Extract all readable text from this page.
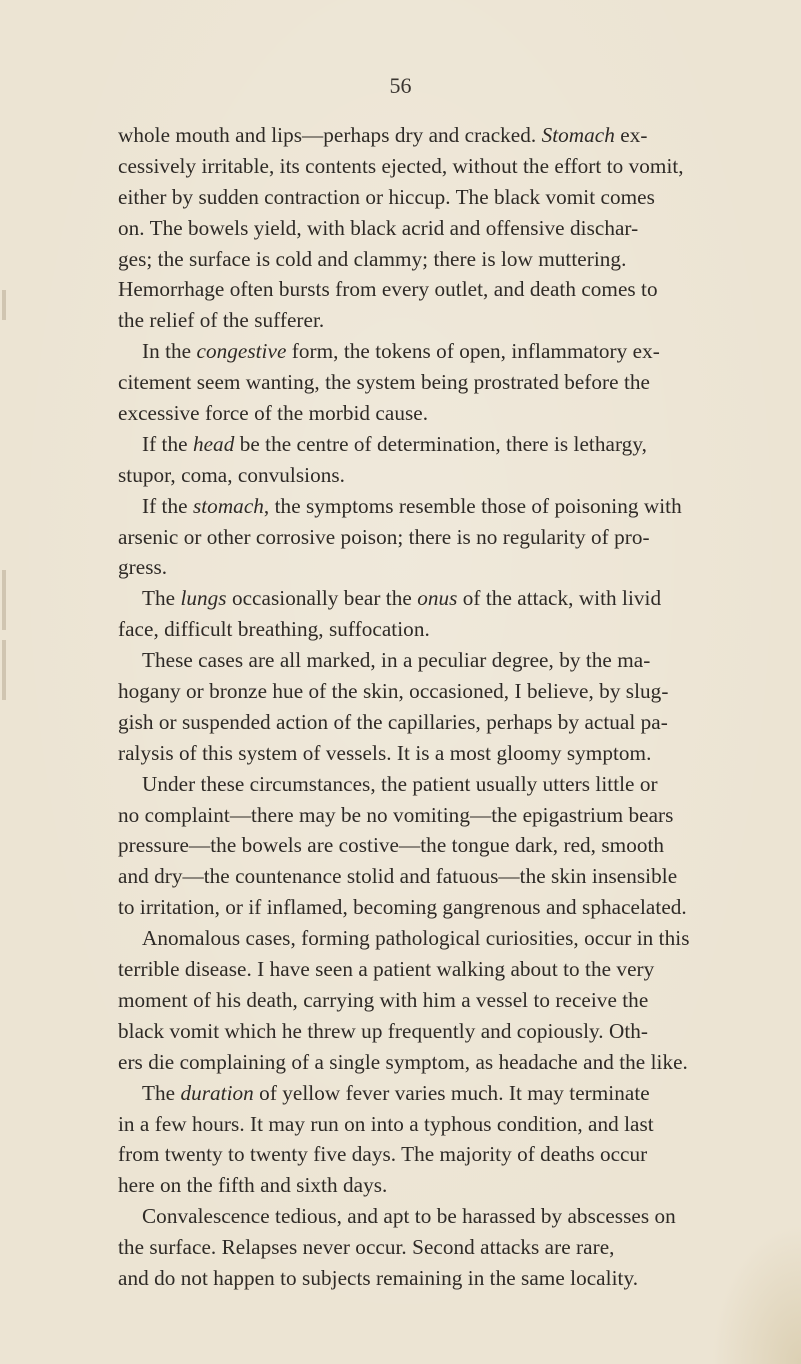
56
whole mouth and lips—perhaps dry and cracked. Stomach ex-
cessively irritable, its contents ejected, without the effort to vomit,
either by sudden contraction or hiccup. The black vomit comes
on. The bowels yield, with black acrid and offensive dischar-
ges; the surface is cold and clammy; there is low muttering.
Hemorrhage often bursts from every outlet, and death comes to
the relief of the sufferer.
In the congestive form, the tokens of open, inflammatory ex-
citement seem wanting, the system being prostrated before the
excessive force of the morbid cause.
If the head be the centre of determination, there is lethargy,
stupor, coma, convulsions.
If the stomach, the symptoms resemble those of poisoning with
arsenic or other corrosive poison; there is no regularity of pro-
gress.
The lungs occasionally bear the onus of the attack, with livid
face, difficult breathing, suffocation.
These cases are all marked, in a peculiar degree, by the ma-
hogany or bronze hue of the skin, occasioned, I believe, by slug-
gish or suspended action of the capillaries, perhaps by actual pa-
ralysis of this system of vessels. It is a most gloomy symptom.
Under these circumstances, the patient usually utters little or
no complaint—there may be no vomiting—the epigastrium bears
pressure—the bowels are costive—the tongue dark, red, smooth
and dry—the countenance stolid and fatuous—the skin insensible
to irritation, or if inflamed, becoming gangrenous and sphacelated.
Anomalous cases, forming pathological curiosities, occur in this
terrible disease. I have seen a patient walking about to the very
moment of his death, carrying with him a vessel to receive the
black vomit which he threw up frequently and copiously. Oth-
ers die complaining of a single symptom, as headache and the like.
The duration of yellow fever varies much. It may terminate
in a few hours. It may run on into a typhous condition, and last
from twenty to twenty five days. The majority of deaths occur
here on the fifth and sixth days.
Convalescence tedious, and apt to be harassed by abscesses on
the surface. Relapses never occur. Second attacks are rare,
and do not happen to subjects remaining in the same locality.
